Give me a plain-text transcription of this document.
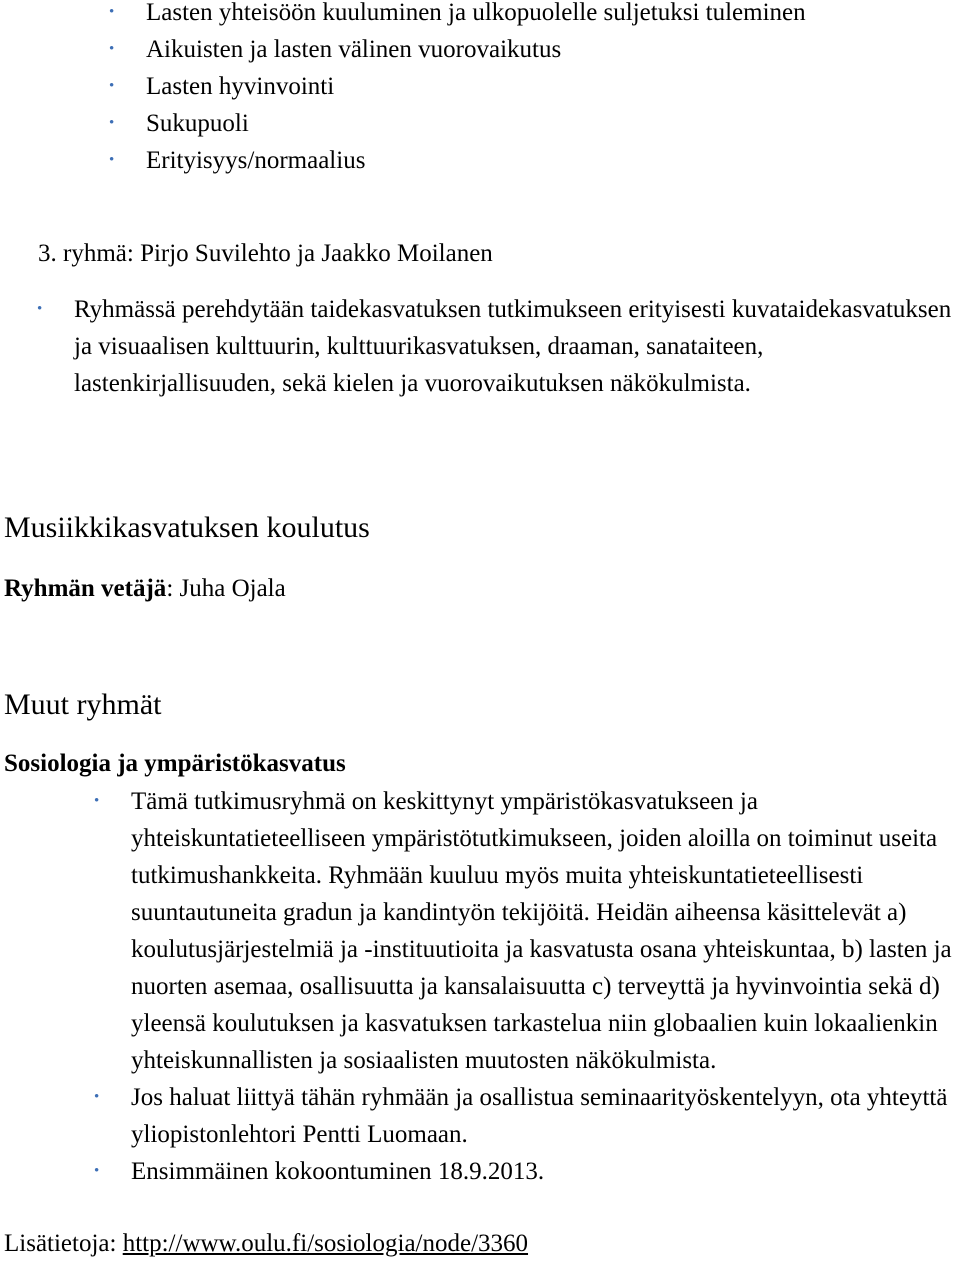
• Lasten yhteisöön kuuluminen ja ulkopuolelle suljetuksi tuleminen
• Aikuisten ja lasten välinen vuorovaikutus
• Lasten hyvinvointi
• Sukupuoli
• Erityisyys/normaalius
3. ryhmä: Pirjo Suvilehto ja Jaakko Moilanen
• Ryhmässä perehdytään taidekasvatuksen tutkimukseen erityisesti kuvataidekasvatuksen ja visuaalisen kulttuurin, kulttuurikasvatuksen, draaman, sanataiteen, lastenkirjallisuuden, sekä kielen ja vuorovaikutuksen näkökulmista.
Musiikkikasvatuksen koulutus
Ryhmän vetäjä: Juha Ojala
Muut ryhmät
Sosiologia ja ympäristökasvatus
• Tämä tutkimusryhmä on keskittynyt ympäristökasvatukseen ja yhteiskuntatieteelliseen ympäristötutkimukseen, joiden aloilla on toiminut useita tutkimushankkeita. Ryhmään kuuluu myös muita yhteiskuntatieteellisesti suuntautuneita gradun ja kandintyön tekijöitä. Heidän aiheensa käsittelevät a) koulutusjärjestelmiä ja -instituutioita ja kasvatusta osana yhteiskuntaa, b) lasten ja nuorten asemaa, osallisuutta ja kansalaisuutta c) terveyttä ja hyvinvointia sekä d) yleensä koulutuksen ja kasvatuksen tarkastelua niin globaalien kuin lokaalienkin yhteiskunnallisten ja sosiaalisten muutosten näkökulmista.
• Jos haluat liittyä tähän ryhmään ja osallistua seminaarityöskentelyyn, ota yhteyttä yliopistonlehtori Pentti Luomaan.
• Ensimmäinen kokoontuminen 18.9.2013.
Lisätietoja: http://www.oulu.fi/sosiologia/node/3360
